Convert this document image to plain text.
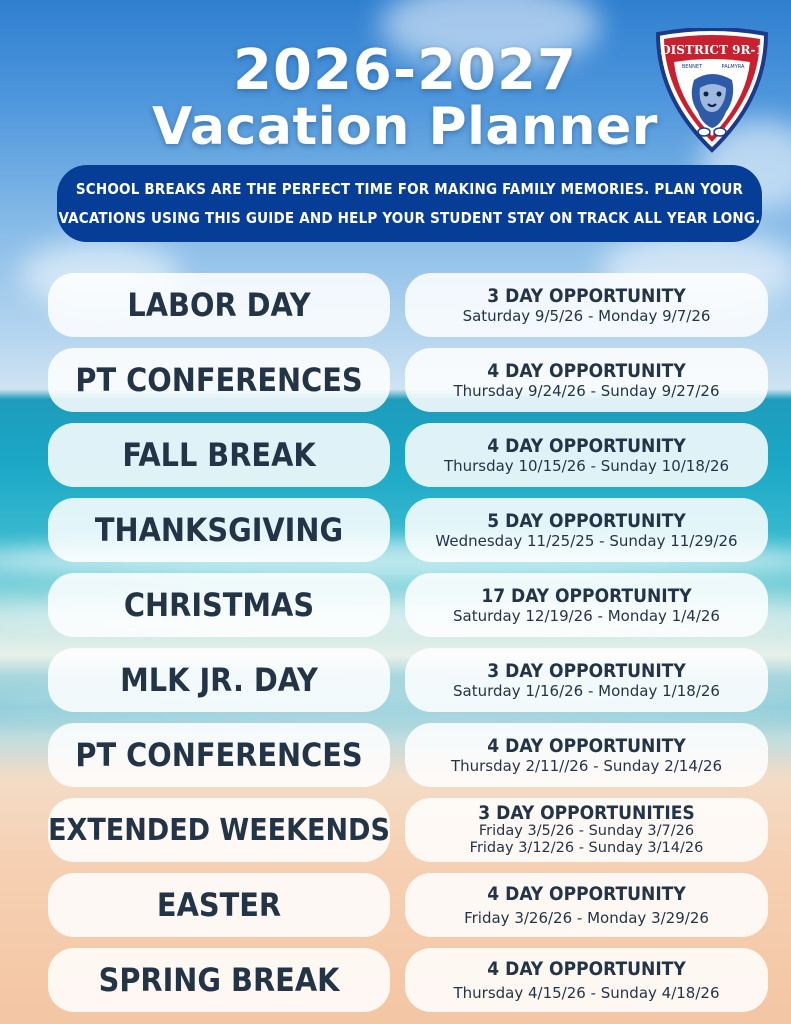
2026-2027
Vacation Planner
DISTRICT 9R-1
BENNET	PALMYRA
SCHOOL BREAKS ARE THE PERFECT TIME FOR MAKING FAMILY MEMORIES. PLAN YOUR
VACATIONS USING THIS GUIDE AND HELP YOUR STUDENT STAY ON TRACK ALL YEAR LONG.
LABOR DAY	3 DAY OPPORTUNITY
Saturday 9/5/26 - Monday 9/7/26
PT CONFERENCES	4 DAY OPPORTUNITY
Thursday 9/24/26 - Sunday 9/27/26
FALL BREAK	4 DAY OPPORTUNITY
Thursday 10/15/26 - Sunday 10/18/26
THANKSGIVING	5 DAY OPPORTUNITY
Wednesday 11/25/25 - Sunday 11/29/26
CHRISTMAS	17 DAY OPPORTUNITY
Saturday 12/19/26 - Monday 1/4/26
MLK JR. DAY	3 DAY OPPORTUNITY
Saturday 1/16/26 - Monday 1/18/26
PT CONFERENCES	4 DAY OPPORTUNITY
Thursday 2/11//26 - Sunday 2/14/26
EXTENDED WEEKENDS	3 DAY OPPORTUNITIES
Friday 3/5/26 - Sunday 3/7/26
Friday 3/12/26 - Sunday 3/14/26
EASTER	4 DAY OPPORTUNITY
Friday 3/26/26 - Monday 3/29/26
SPRING BREAK	4 DAY OPPORTUNITY
Thursday 4/15/26 - Sunday 4/18/26
